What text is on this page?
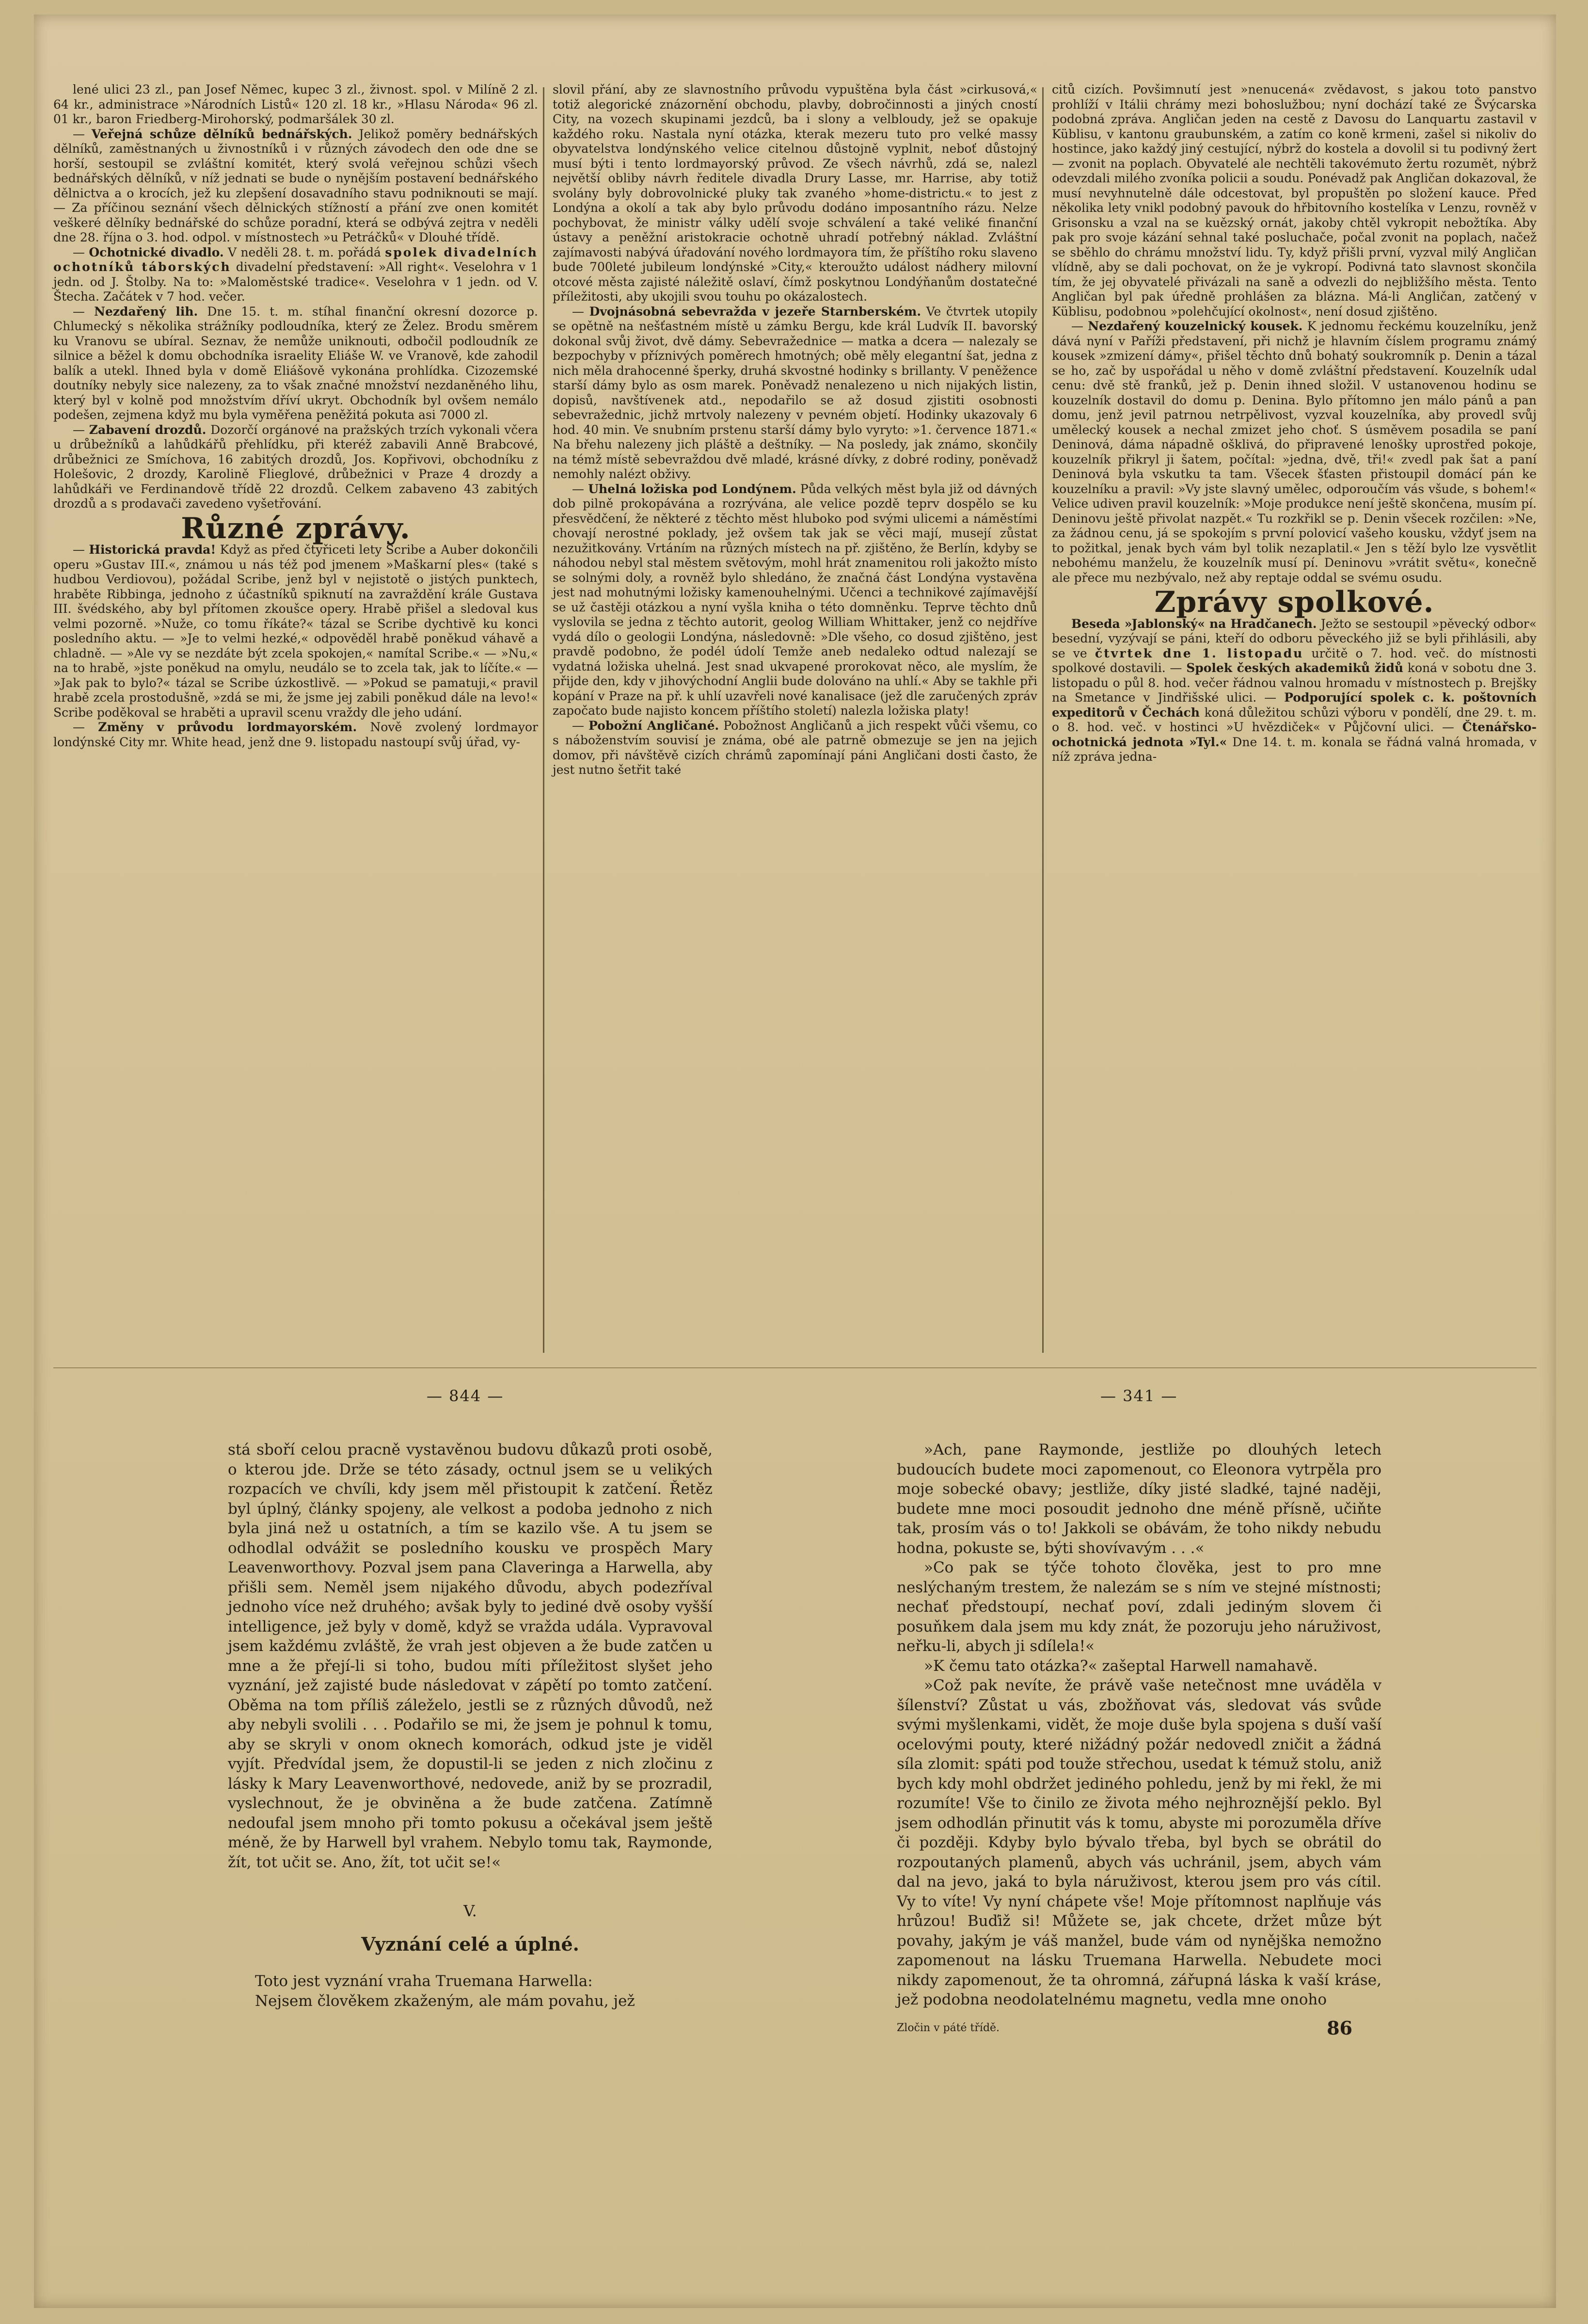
lené ulici 23 zl., pan Josef Němec, kupec 3 zl., živnost. spol. v Milíně 2 zl. 64 kr., administrace »Národních Listů« 120 zl. 18 kr., »Hlasu Národa« 96 zl. 01 kr., baron Friedberg-Mirohorský, podmaršálek 30 zl.

— Veřejná schůze dělníků bednářských. Jelikož poměry bednářských dělníků, zaměstnaných u živnostníků i v různých závodech den ode dne se horší, sestoupil se zvláštní komitét, který svolá veřejnou schůzi všech bednářských dělníků, v níž jednati se bude o nynějším postavení bednářského dělnictva a o krocích, jež ku zlepšení dosavadního stavu podniknouti se mají. — Za příčinou seznání všech dělnických stížností a přání zve onen komitét veškeré dělníky bednářské do schůze poradní, která se odbývá zejtra v neděli dne 28. října o 3. hod. odpol. v místnostech »u Petráčků« v Dlouhé třídě.

— Ochotnické divadlo. V neděli 28. t. m. pořádá spolek divadelních ochotníků táborských divadelní představení: »All right«. Veselohra v 1 jedn. od J. Štolby. Na to: »Maloměstské tradice«. Veselohra v 1 jedn. od V. Štecha. Začátek v 7 hod. večer.

— Nezdařený lih. Dne 15. t. m. stíhal finanční okresní dozorce p. Chlumecký s několika strážníky podloudníka, který ze Želez. Brodu směrem ku Vranovu se ubíral. Seznav, že nemůže uniknouti, odbočil podloudník ze silnice a běžel k domu obchodníka israelity Eliáše W. ve Vranově, kde zahodil balík a utekl. Ihned byla v domě Eliášově vykonána prohlídka. Cizozemské doutníky nebyly sice nalezeny, za to však značné množství nezdaněného lihu, který byl v kolně pod množstvím dříví ukryt. Obchodník byl ovšem nemálo podešen, zejmena když mu byla vyměřena peněžitá pokuta asi 7000 zl.

— Zabavení drozdů. Dozorčí orgánové na pražských trzích vykonali včera u drůbežníků a lahůdkářů přehlídku, při kteréž zabavili Anně Brabcové, drůbežnici ze Smíchova, 16 zabitých drozdů, Jos. Kopřivovi, obchodníku z Holešovic, 2 drozdy, Karolině Flieglové, drůbežnici v Praze 4 drozdy a lahůdkáři ve Ferdinandově třídě 22 drozdů. Celkem zabaveno 43 zabitých drozdů a s prodavači zavedeno vyšetřování.

Různé zprávy.

— Historická pravda! Když as před čtyřiceti lety Scribe a Auber dokončili operu »Gustav III.«, známou u nás též pod jmenem »Maškarní ples« (také s hudbou Verdiovou), požádal Scribe, jenž byl v nejistotě o jistých punktech, hraběte Ribbinga, jednoho z účastníků spiknutí na zavraždění krále Gustava III. švédského, aby byl přítomen zkoušce opery. Hrabě přišel a sledoval kus velmi pozorně. »Nuže, co tomu říkáte?« tázal se Scribe dychtivě ku konci posledního aktu. — »Je to velmi hezké,« odpověděl hrabě poněkud váhavě a chladně. — »Ale vy se nezdáte být zcela spokojen,« namítal Scribe.« — »Nu,« na to hrabě, »jste poněkud na omylu, neudálo se to zcela tak, jak to líčíte.« — »Jak pak to bylo?« tázal se Scribe úzkostlivě. — »Pokud se pamatuji,« pravil hrabě zcela prostodušně, »zdá se mi, že jsme jej zabili poněkud dále na levo!« Scribe poděkoval se hraběti a upravil scenu vraždy dle jeho udání.

— Změny v průvodu lordmayorském. Nově zvolený lordmayor londýnské City mr. White head, jenž dne 9. listopadu nastoupí svůj úřad, vy-

slovil přání, aby ze slavnostního průvodu vypuštěna byla část »cirkusová,« totiž alegorické znázornění obchodu, plavby, dobročinnosti a jiných cností City, na vozech skupinami jezdců, ba i slony a velbloudy, jež se opakuje každého roku. Nastala nyní otázka, kterak mezeru tuto pro velké massy obyvatelstva londýnského velice citelnou důstojně vyplnit, neboť důstojný musí býti i tento lordmayorský průvod. Ze všech návrhů, zdá se, nalezl největší obliby návrh ředitele divadla Drury Lasse, mr. Harrise, aby totiž svolány byly dobrovolnické pluky tak zvaného »home-districtu.« to jest z Londýna a okolí a tak aby bylo průvodu dodáno imposantního rázu. Nelze pochybovat, že ministr války udělí svoje schválení a také veliké finanční ústavy a peněžní aristokracie ochotně uhradí potřebný náklad. Zvláštní zajímavosti nabývá úřadování nového lordmayora tím, že příštího roku slaveno bude 700leté jubileum londýnské »City,« kteroužto událost nádhery milovní otcové města zajisté náležitě oslaví, čímž poskytnou Londýňanům dostatečné příležitosti, aby ukojili svou touhu po okázalostech.

— Dvojnásobná sebevražda v jezeře Starnberském. Ve čtvrtek utopily se opětně na nešťastném místě u zámku Bergu, kde král Ludvík II. bavorský dokonal svůj život, dvě dámy. Sebevražednice — matka a dcera — nalezaly se bezpochyby v příznivých poměrech hmotných; obě měly elegantní šat, jedna z nich měla drahocenné šperky, druhá skvostné hodinky s brillanty. V peněžence starší dámy bylo as osm marek. Poněvadž nenalezeno u nich nijakých listin, dopisů, navštívenek atd., nepodařilo se až dosud zjistiti osobnosti sebevražednic, jichž mrtvoly nalezeny v pevném objetí. Hodinky ukazovaly 6 hod. 40 min. Ve snubním prstenu starší dámy bylo vyryto: »1. července 1871.« Na břehu nalezeny jich pláště a deštníky. — Na posledy, jak známo, skončily na témž místě sebevraždou dvě mladé, krásné dívky, z dobré rodiny, poněvadž nemohly nalézt obživy.

— Uhelná ložiska pod Londýnem. Půda velkých měst byla již od dávných dob pilně prokopávána a rozrývána, ale velice pozdě teprv dospělo se ku přesvědčení, že některé z těchto měst hluboko pod svými ulicemi a náměstími chovají nerostné poklady, jež ovšem tak jak se věci mají, musejí zůstat nezužitkovány. Vrtáním na různých místech na př. zjištěno, že Berlín, kdyby se náhodou nebyl stal městem světovým, mohl hrát znamenitou roli jakožto místo se solnými doly, a rovněž bylo shledáno, že značná část Londýna vystavěna jest nad mohutnými ložisky kamenouhelnými. Učenci a technikové zajímavější se už častěji otázkou a nyní vyšla kniha o této domněnku. Teprve těchto dnů vyslovila se jedna z těchto autorit, geolog William Whittaker, jenž co nejdříve vydá dílo o geologii Londýna, následovně: »Dle všeho, co dosud zjištěno, jest pravdě podobno, že podél údolí Temže aneb nedaleko odtud nalezají se vydatná ložiska uhelná. Jest snad ukvapené prorokovat něco, ale myslím, že přijde den, kdy v jihovýchodní Anglii bude dolováno na uhlí.« Aby se takhle při kopání v Praze na př. k uhlí uzavřeli nové kanalisace (jež dle zaručených zpráv započato bude najisto koncem příštího století) nalezla ložiska platy!

— Pobožní Angličané. Pobožnost Angličanů a jich respekt vůči všemu, co s náboženstvím souvisí je známa, obé ale patrně obmezuje se jen na jejich domov, při návštěvě cizích chrámů zapomínají páni Angličani dosti často, že jest nutno šetřit také

citů cizích. Povšimnutí jest »nenucená« zvědavost, s jakou toto panstvo prohlíží v Itálii chrámy mezi bohoslužbou; nyní dochází také ze Švýcarska podobná zpráva. Angličan jeden na cestě z Davosu do Lanquartu zastavil v Küblisu, v kantonu graubunském, a zatím co koně krmeni, zašel si nikoliv do hostince, jako každý jiný cestující, nýbrž do kostela a dovolil si tu podivný žert — zvonit na poplach. Obyvatelé ale nechtěli takovémuto žertu rozumět, nýbrž odevzdali milého zvoníka policii a soudu. Ponévadž pak Angličan dokazoval, že musí nevyhnutelně dále odcestovat, byl propuštěn po složení kauce. Před několika lety vnikl podobný pavouk do hřbitovního kostelíka v Lenzu, rovněž v Grisonsku a vzal na se kuězský ornát, jakoby chtěl vykropit nebožtíka. Aby pak pro svoje kázání sehnal také posluchače, počal zvonit na poplach, načež se sběhlo do chrámu množství lidu. Ty, když přišli první, vyzval milý Angličan vlídně, aby se dali pochovat, on že je vykropí. Podivná tato slavnost skončila tím, že jej obyvatelé přivázali na saně a odvezli do nejbližšího města. Tento Angličan byl pak úředně prohlášen za blázna. Má-li Angličan, zatčený v Küblisu, podobnou »polehčující okolnost«, není dosud zjištěno.

— Nezdařený kouzelnický kousek. K jednomu řeckému kouzelníku, jenž dává nyní v Paříži představení, při nichž je hlavním číslem programu známý kousek »zmizení dámy«, přišel těchto dnů bohatý soukromník p. Denin a tázal se ho, zač by uspořádal u něho v domě zvláštní představení. Kouzelník udal cenu: dvě stě franků, jež p. Denin ihned složil. V ustanovenou hodinu se kouzelník dostavil do domu p. Denina. Bylo přítomno jen málo pánů a pan domu, jenž jevil patrnou netrpělivost, vyzval kouzelníka, aby provedl svůj umělecký kousek a nechal zmizet jeho choť. S úsměvem posadila se paní Deninová, dáma nápadně ošklivá, do připravené lenošky uprostřed pokoje, kouzelník přikryl ji šatem, počítal: »jedna, dvě, tři!« zvedl pak šat a paní Deninová byla vskutku ta tam. Všecek šťasten přistoupil domácí pán ke kouzelníku a pravil: »Vy jste slavný umělec, odporoučím vás všude, s bohem!« Velice udiven pravil kouzelník: »Moje produkce není ještě skončena, musím pí. Deninovu ještě přivolat nazpět.« Tu rozkřikl se p. Denin všecek rozčilen: »Ne, za žádnou cenu, já se spokojím s první polovicí vašeho kousku, vždyť jsem na to požitkal, jenak bych vám byl tolik nezaplatil.« Jen s těží bylo lze vysvětlit nebohému manželu, že kouzelník musí pí. Deninovu »vrátit světu«, konečně ale přece mu nezbývalo, než aby reptaje oddal se svému osudu.

Zprávy spolkové.

Beseda »Jablonský« na Hradčanech. Ježto se sestoupil »pěvecký odbor« besední, vyzývají se páni, kteří do odboru pěveckého již se byli přihlásili, aby se ve čtvrtek dne 1. listopadu určitě o 7. hod. več. do místnosti spolkové dostavili. — Spolek českých akademiků židů koná v sobotu dne 3. listopadu o půl 8. hod. večer řádnou valnou hromadu v místnostech p. Brejšky na Smetance v Jindřišské ulici. — Podporující spolek c. k. poštovních expeditorů v Čechách koná důležitou schůzi výboru v pondělí, dne 29. t. m. o 8. hod. več. v hostinci »U hvězdiček« v Půjčovní ulici. — Čtenářsko-ochotnická jednota »Tyl.« Dne 14. t. m. konala se řádná valná hromada, v níž zpráva jedna-

— 844 —	— 341 —

stá sboří celou pracně vystavěnou budovu důkazů proti osobě, o kterou jde. Drže se této zásady, octnul jsem se u velikých rozpacích ve chvíli, kdy jsem měl přistoupit k zatčení. Řetěz byl úplný, články spojeny, ale velkost a podoba jednoho z nich byla jiná než u ostatních, a tím se kazilo vše. A tu jsem se odhodlal odvážit se posledního kousku ve prospěch Mary Leavenworthovy. Pozval jsem pana Claveringa a Harwella, aby přišli sem. Neměl jsem nijakého důvodu, abych podezříval jednoho více než druhého; avšak byly to jediné dvě osoby vyšší intelligence, jež byly v domě, když se vražda udála. Vypravoval jsem každému zvláště, že vrah jest objeven a že bude zatčen u mne a že přejí-li si toho, budou míti příležitost slyšet jeho vyznání, jež zajisté bude následovat v zápětí po tomto zatčení. Oběma na tom příliš záleželo, jestli se z různých důvodů, než aby nebyli svolili . . . Podařilo se mi, že jsem je pohnul k tomu, aby se skryli v onom oknech komorách, odkud jste je viděl vyjít. Předvídal jsem, že dopustil-li se jeden z nich zločinu z lásky k Mary Leavenworthové, nedovede, aniž by se prozradil, vyslechnout, že je obviněna a že bude zatčena. Zatímně nedoufal jsem mnoho při tomto pokusu a očekával jsem ještě méně, že by Harwell byl vrahem. Nebylo tomu tak, Raymonde, žít, tot učit se. Ano, žít, tot učit se!«

V.
Vyznání celé a úplné.

Toto jest vyznání vraha Truemana Harwella:

Nejsem člověkem zkaženým, ale mám povahu, jež

»Ach, pane Raymonde, jestliže po dlouhých letech budoucích budete moci zapomenout, co Eleonora vytrpěla pro moje sobecké obavy; jestliže, díky jisté sladké, tajné naději, budete mne moci posoudit jednoho dne méně přísně, učiňte tak, prosím vás o to! Jakkoli se obávám, že toho nikdy nebudu hodna, pokuste se, býti shovívavým . . .«

»Co pak se týče tohoto člověka, jest to pro mne neslýchaným trestem, že nalezám se s ním ve stejné místnosti; nechať předstoupí, nechať poví, zdali jediným slovem či posuňkem dala jsem mu kdy znát, že pozoruju jeho náruživost, neřku-li, abych ji sdílela!«

»K čemu tato otázka?« zašeptal Harwell namahavě.

»Což pak nevíte, že právě vaše netečnost mne uváděla v šílenství? Zůstat u vás, zbožňovat vás, sledovat vás svůde svými myšlenkami, vidět, že moje duše byla spojena s duší vaší ocelovými pouty, které nižádný požár nedovedl zničit a žádná síla zlomit: spáti pod touže střechou, usedat k témuž stolu, aniž bych kdy mohl obdržet jediného pohledu, jenž by mi řekl, že mi rozumíte! Vše to činilo ze života mého nejhroznější peklo. Byl jsem odhodlán přinutit vás k tomu, abyste mi porozuměla dříve či později. Kdyby bylo bývalo třeba, byl bych se obrátil do rozpoutaných plamenů, abych vás uchránil, jsem, abych vám dal na jevo, jaká to byla náruživost, kterou jsem pro vás cítil. Vy to víte! Vy nyní chápete vše! Moje přítomnost naplňuje vás hrůzou! Buďiž si! Můžete se, jak chcete, držet můze být povahy, jakým je váš manžel, bude vám od nynějška nemožno zapomenout na lásku Truemana Harwella. Nebudete moci nikdy zapomenout, že ta ohromná, zářupná láska k vaší kráse, jež podobna neodolatelnému magnetu, vedla mne onoho

Zločin v páté třídě.	86
